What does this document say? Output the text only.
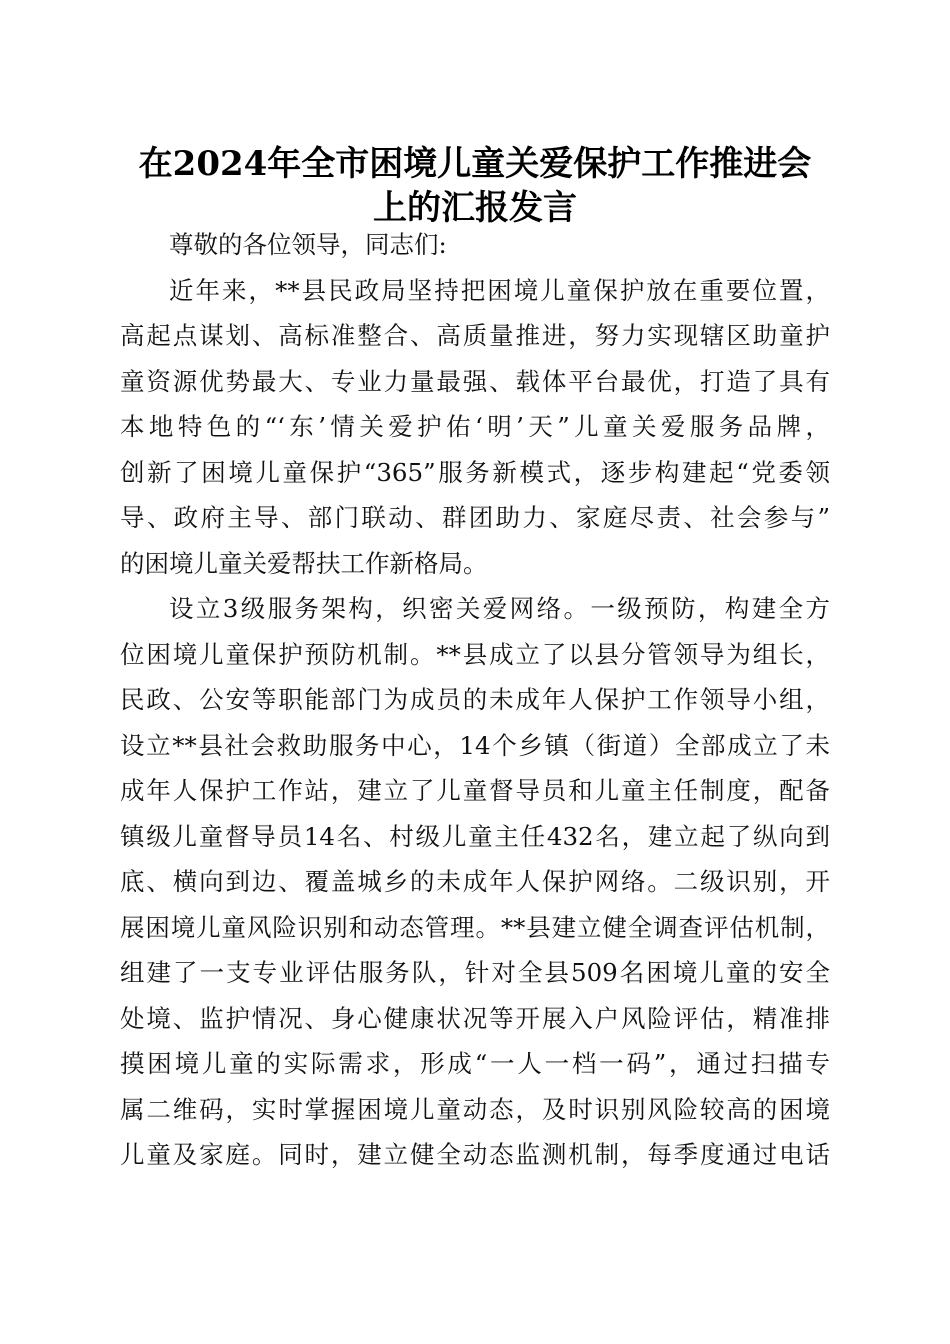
在2024年全市困境儿童关爱保护工作推进会
上的汇报发言
尊敬的各位领导，同志们:
近年来，**县民政局坚持把困境儿童保护放在重要位置，
高起点谋划、高标准整合、高质量推进，努力实现辖区助童护
童资源优势最大、专业力量最强、载体平台最优，打造了具有
本地特色的“‘东’情关爱护佑‘明’天”儿童关爱服务品牌，
创新了困境儿童保护“365”服务新模式，逐步构建起“党委领
导、政府主导、部门联动、群团助力、家庭尽责、社会参与”
的困境儿童关爱帮扶工作新格局。
设立3级服务架构，织密关爱网络。一级预防，构建全方
位困境儿童保护预防机制。**县成立了以县分管领导为组长，
民政、公安等职能部门为成员的未成年人保护工作领导小组，
设立**县社会救助服务中心，14个乡镇（街道）全部成立了未
成年人保护工作站，建立了儿童督导员和儿童主任制度，配备
镇级儿童督导员14名、村级儿童主任432名，建立起了纵向到
底、横向到边、覆盖城乡的未成年人保护网络。二级识别，开
展困境儿童风险识别和动态管理。**县建立健全调查评估机制，
组建了一支专业评估服务队，针对全县509名困境儿童的安全
处境、监护情况、身心健康状况等开展入户风险评估，精准排
摸困境儿童的实际需求，形成“一人一档一码”，通过扫描专
属二维码，实时掌握困境儿童动态，及时识别风险较高的困境
儿童及家庭。同时，建立健全动态监测机制，每季度通过电话
